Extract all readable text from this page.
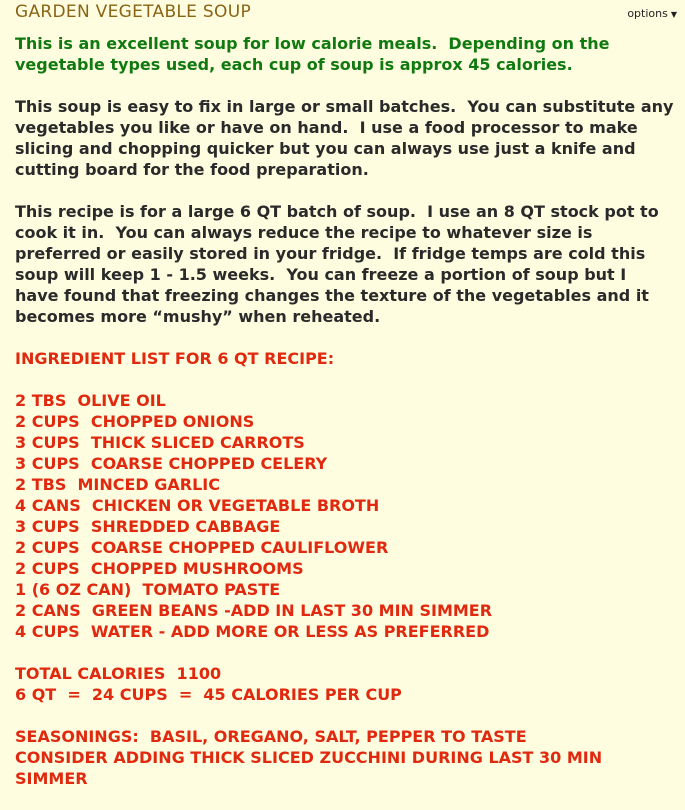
GARDEN VEGETABLE SOUP	options ▼
This is an excellent soup for low calorie meals.  Depending on the
vegetable types used, each cup of soup is approx 45 calories.
This soup is easy to fix in large or small batches.  You can substitute any
vegetables you like or have on hand.  I use a food processor to make
slicing and chopping quicker but you can always use just a knife and
cutting board for the food preparation.
This recipe is for a large 6 QT batch of soup.  I use an 8 QT stock pot to
cook it in.  You can always reduce the recipe to whatever size is
preferred or easily stored in your fridge.  If fridge temps are cold this
soup will keep 1 - 1.5 weeks.  You can freeze a portion of soup but I
have found that freezing changes the texture of the vegetables and it
becomes more “mushy” when reheated.
INGREDIENT LIST FOR 6 QT RECIPE:
2 TBS  OLIVE OIL
2 CUPS  CHOPPED ONIONS
3 CUPS  THICK SLICED CARROTS
3 CUPS  COARSE CHOPPED CELERY
2 TBS  MINCED GARLIC
4 CANS  CHICKEN OR VEGETABLE BROTH
3 CUPS  SHREDDED CABBAGE
2 CUPS  COARSE CHOPPED CAULIFLOWER
2 CUPS  CHOPPED MUSHROOMS
1 (6 OZ CAN)  TOMATO PASTE
2 CANS  GREEN BEANS -ADD IN LAST 30 MIN SIMMER
4 CUPS  WATER - ADD MORE OR LESS AS PREFERRED
TOTAL CALORIES  1100
6 QT  =  24 CUPS  =  45 CALORIES PER CUP
SEASONINGS:  BASIL, OREGANO, SALT, PEPPER TO TASTE
CONSIDER ADDING THICK SLICED ZUCCHINI DURING LAST 30 MIN
SIMMER
